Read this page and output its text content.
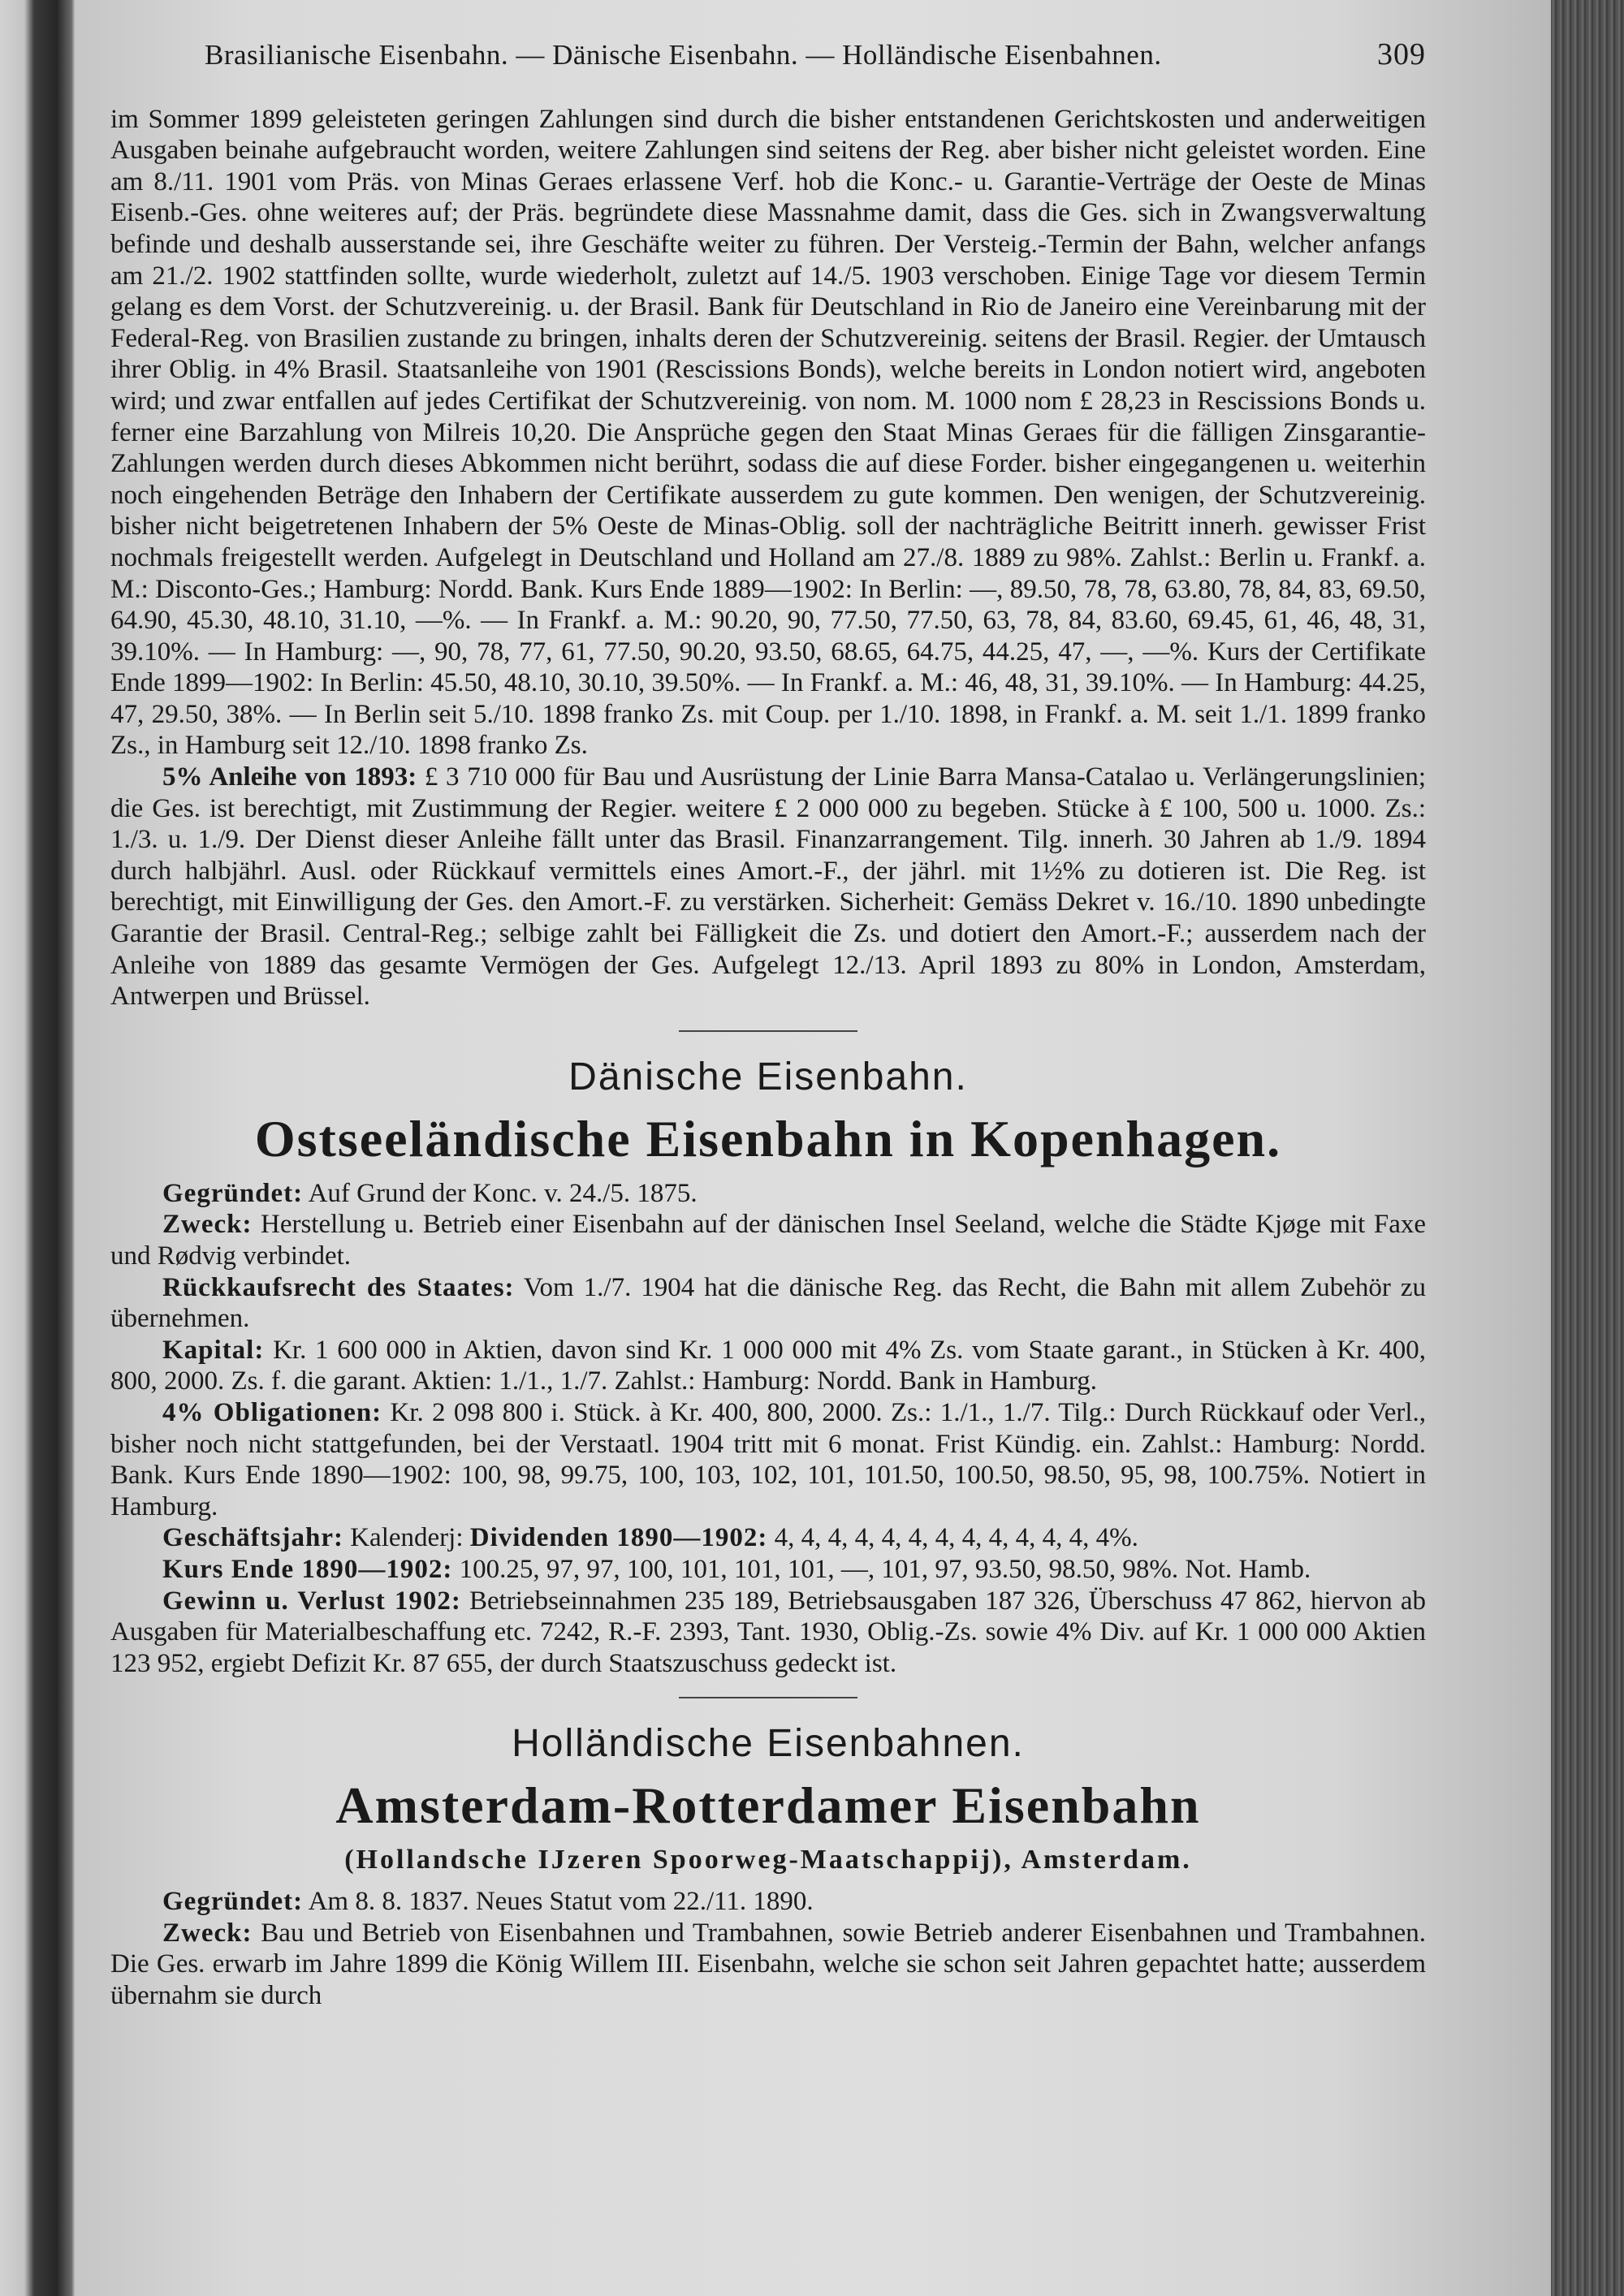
Brasilianische Eisenbahn. — Dänische Eisenbahn. — Holländische Eisenbahnen.	309

im Sommer 1899 geleisteten geringen Zahlungen sind durch die bisher entstandenen Gerichtskosten und anderweitigen Ausgaben beinahe aufgebraucht worden, weitere Zahlungen sind seitens der Reg. aber bisher nicht geleistet worden. Eine am 8./11. 1901 vom Präs. von Minas Geraes erlassene Verf. hob die Konc.- u. Garantie-Verträge der Oeste de Minas Eisenb.-Ges. ohne weiteres auf; der Präs. begründete diese Massnahme damit, dass die Ges. sich in Zwangsverwaltung befinde und deshalb ausserstande sei, ihre Geschäfte weiter zu führen. Der Versteig.-Termin der Bahn, welcher anfangs am 21./2. 1902 stattfinden sollte, wurde wiederholt, zuletzt auf 14./5. 1903 verschoben. Einige Tage vor diesem Termin gelang es dem Vorst. der Schutzvereinig. u. der Brasil. Bank für Deutschland in Rio de Janeiro eine Vereinbarung mit der Federal-Reg. von Brasilien zustande zu bringen, inhalts deren der Schutzvereinig. seitens der Brasil. Regier. der Umtausch ihrer Oblig. in 4% Brasil. Staatsanleihe von 1901 (Rescissions Bonds), welche bereits in London notiert wird, angeboten wird; und zwar entfallen auf jedes Certifikat der Schutzvereinig. von nom. M. 1000 nom £ 28,23 in Rescissions Bonds u. ferner eine Barzahlung von Milreis 10,20. Die Ansprüche gegen den Staat Minas Geraes für die fälligen Zinsgarantie-Zahlungen werden durch dieses Abkommen nicht berührt, sodass die auf diese Forder. bisher eingegangenen u. weiterhin noch eingehenden Beträge den Inhabern der Certifikate ausserdem zu gute kommen. Den wenigen, der Schutzvereinig. bisher nicht beigetretenen Inhabern der 5% Oeste de Minas-Oblig. soll der nachträgliche Beitritt innerh. gewisser Frist nochmals freigestellt werden. Aufgelegt in Deutschland und Holland am 27./8. 1889 zu 98%. Zahlst.: Berlin u. Frankf. a. M.: Disconto-Ges.; Hamburg: Nordd. Bank. Kurs Ende 1889—1902: In Berlin: —, 89.50, 78, 78, 63.80, 78, 84, 83, 69.50, 64.90, 45.30, 48.10, 31.10, —%. — In Frankf. a. M.: 90.20, 90, 77.50, 77.50, 63, 78, 84, 83.60, 69.45, 61, 46, 48, 31, 39.10%. — In Hamburg: —, 90, 78, 77, 61, 77.50, 90.20, 93.50, 68.65, 64.75, 44.25, 47, —, —%. Kurs der Certifikate Ende 1899—1902: In Berlin: 45.50, 48.10, 30.10, 39.50%. — In Frankf. a. M.: 46, 48, 31, 39.10%. — In Hamburg: 44.25, 47, 29.50, 38%. — In Berlin seit 5./10. 1898 franko Zs. mit Coup. per 1./10. 1898, in Frankf. a. M. seit 1./1. 1899 franko Zs., in Hamburg seit 12./10. 1898 franko Zs.

5% Anleihe von 1893: £ 3 710 000 für Bau und Ausrüstung der Linie Barra Mansa-Catalao u. Verlängerungslinien; die Ges. ist berechtigt, mit Zustimmung der Regier. weitere £ 2 000 000 zu begeben. Stücke à £ 100, 500 u. 1000. Zs.: 1./3. u. 1./9. Der Dienst dieser Anleihe fällt unter das Brasil. Finanzarrangement. Tilg. innerh. 30 Jahren ab 1./9. 1894 durch halbjährl. Ausl. oder Rückkauf vermittels eines Amort.-F., der jährl. mit 1½% zu dotieren ist. Die Reg. ist berechtigt, mit Einwilligung der Ges. den Amort.-F. zu verstärken. Sicherheit: Gemäss Dekret v. 16./10. 1890 unbedingte Garantie der Brasil. Central-Reg.; selbige zahlt bei Fälligkeit die Zs. und dotiert den Amort.-F.; ausserdem nach der Anleihe von 1889 das gesamte Vermögen der Ges. Aufgelegt 12./13. April 1893 zu 80% in London, Amsterdam, Antwerpen und Brüssel.

Dänische Eisenbahn.
Ostseeländische Eisenbahn in Kopenhagen.

Gegründet: Auf Grund der Konc. v. 24./5. 1875.

Zweck: Herstellung u. Betrieb einer Eisenbahn auf der dänischen Insel Seeland, welche die Städte Kjøge mit Faxe und Rødvig verbindet.

Rückkaufsrecht des Staates: Vom 1./7. 1904 hat die dänische Reg. das Recht, die Bahn mit allem Zubehör zu übernehmen.

Kapital: Kr. 1 600 000 in Aktien, davon sind Kr. 1 000 000 mit 4% Zs. vom Staate garant., in Stücken à Kr. 400, 800, 2000. Zs. f. die garant. Aktien: 1./1., 1./7. Zahlst.: Hamburg: Nordd. Bank in Hamburg.

4% Obligationen: Kr. 2 098 800 i. Stück. à Kr. 400, 800, 2000. Zs.: 1./1., 1./7. Tilg.: Durch Rückkauf oder Verl., bisher noch nicht stattgefunden, bei der Verstaatl. 1904 tritt mit 6 monat. Frist Kündig. ein. Zahlst.: Hamburg: Nordd. Bank. Kurs Ende 1890—1902: 100, 98, 99.75, 100, 103, 102, 101, 101.50, 100.50, 98.50, 95, 98, 100.75%. Notiert in Hamburg.

Geschäftsjahr: Kalenderj: Dividenden 1890—1902: 4, 4, 4, 4, 4, 4, 4, 4, 4, 4, 4, 4, 4%.

Kurs Ende 1890—1902: 100.25, 97, 97, 100, 101, 101, 101, —, 101, 97, 93.50, 98.50, 98%. Not. Hamb.

Gewinn u. Verlust 1902: Betriebseinnahmen 235 189, Betriebsausgaben 187 326, Überschuss 47 862, hiervon ab Ausgaben für Materialbeschaffung etc. 7242, R.-F. 2393, Tant. 1930, Oblig.-Zs. sowie 4% Div. auf Kr. 1 000 000 Aktien 123 952, ergiebt Defizit Kr. 87 655, der durch Staatszuschuss gedeckt ist.

Holländische Eisenbahnen.
Amsterdam-Rotterdamer Eisenbahn
(Hollandsche IJzeren Spoorweg-Maatschappij), Amsterdam.

Gegründet: Am 8. 8. 1837. Neues Statut vom 22./11. 1890.

Zweck: Bau und Betrieb von Eisenbahnen und Trambahnen, sowie Betrieb anderer Eisenbahnen und Trambahnen. Die Ges. erwarb im Jahre 1899 die König Willem III. Eisenbahn, welche sie schon seit Jahren gepachtet hatte; ausserdem übernahm sie durch
